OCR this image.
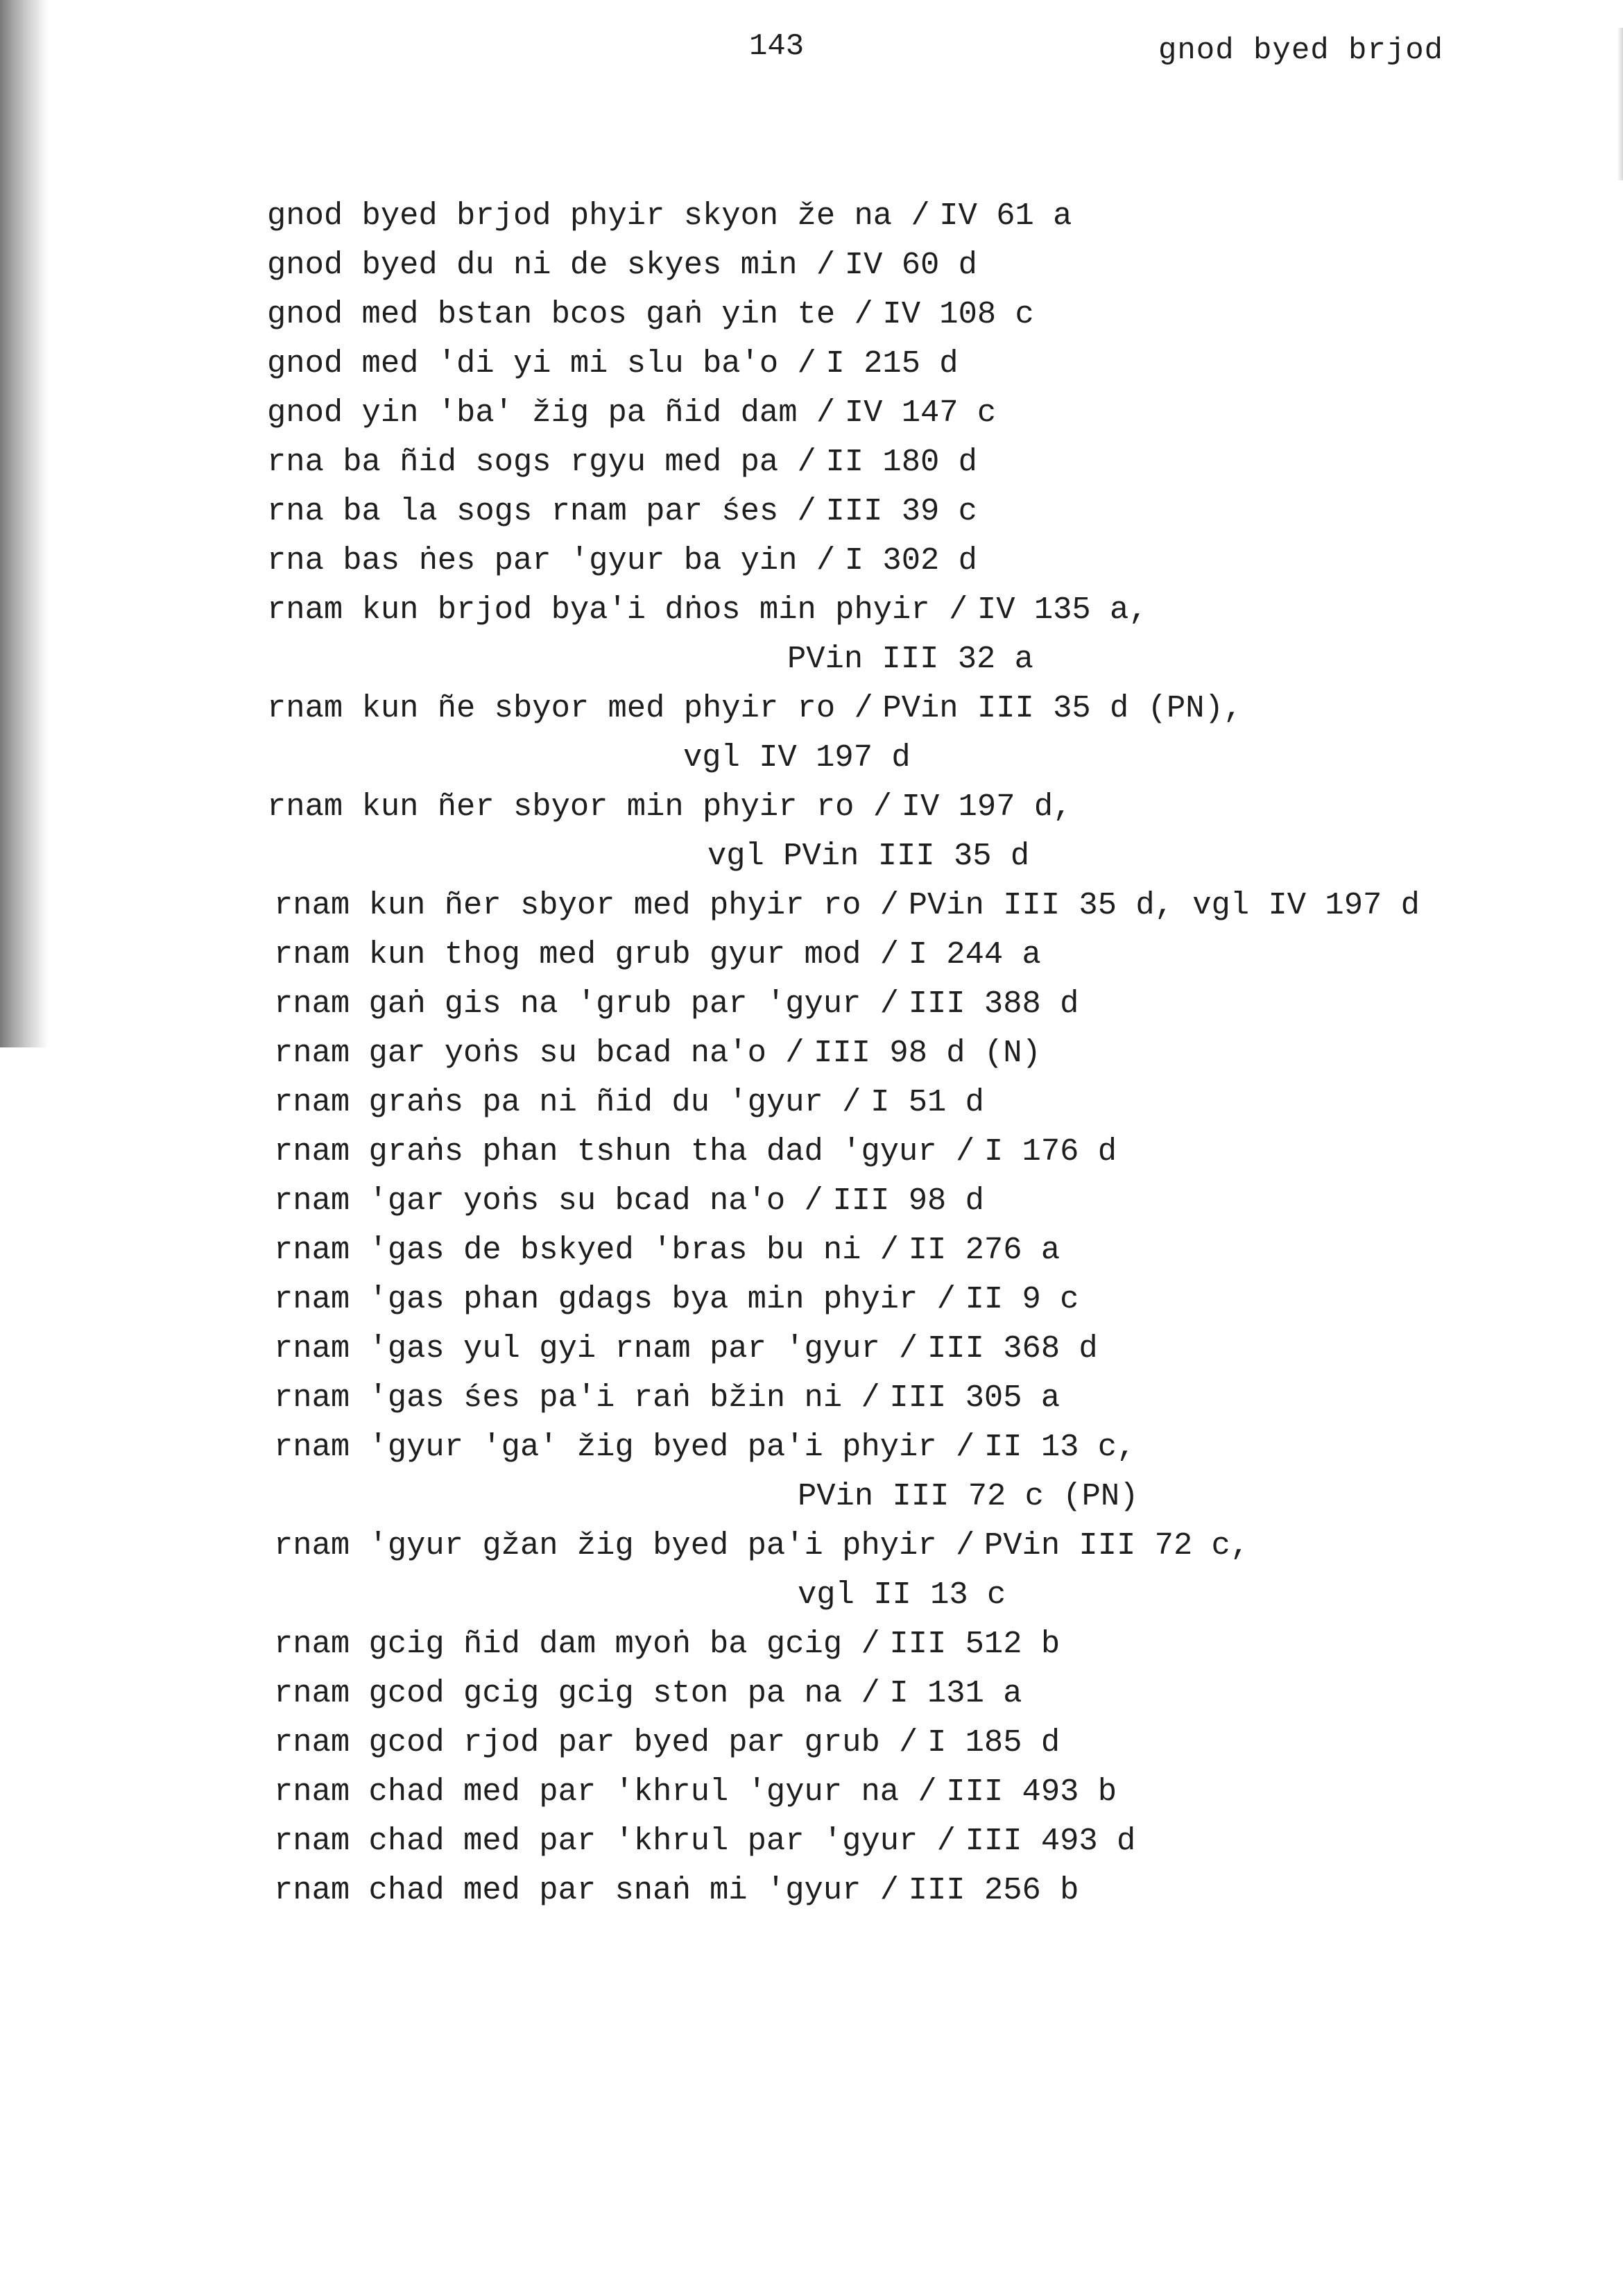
143	gnod byed brjod
gnod byed brjod phyir skyon že na / IV 61 a
gnod byed du ni de skyes min / IV 60 d
gnod med bstan bcos gaṅ yin te / IV 108 c
gnod med 'di yi mi slu ba'o / I 215 d
gnod yin 'ba' žig pa ñid dam / IV 147 c
rna ba ñid sogs rgyu med pa / II 180 d
rna ba la sogs rnam par śes / III 39 c
rna bas ṅes par 'gyur ba yin / I 302 d
rnam kun brjod bya'i dṅos min phyir / IV 135 a,
PVin III 32 a
rnam kun ñe sbyor med phyir ro / PVin III 35 d (PN),
vgl IV 197 d
rnam kun ñer sbyor min phyir ro / IV 197 d,
vgl PVin III 35 d
rnam kun ñer sbyor med phyir ro / PVin III 35 d, vgl IV 197 d
rnam kun thog med grub gyur mod / I 244 a
rnam gaṅ gis na 'grub par 'gyur / III 388 d
rnam gar yoṅs su bcad na'o / III 98 d (N)
rnam graṅs pa ni ñid du 'gyur / I 51 d
rnam graṅs phan tshun tha dad 'gyur / I 176 d
rnam 'gar yoṅs su bcad na'o / III 98 d
rnam 'gas de bskyed 'bras bu ni / II 276 a
rnam 'gas phan gdags bya min phyir / II 9 c
rnam 'gas yul gyi rnam par 'gyur / III 368 d
rnam 'gas śes pa'i raṅ bžin ni / III 305 a
rnam 'gyur 'ga' žig byed pa'i phyir / II 13 c,
PVin III 72 c (PN)
rnam 'gyur gžan žig byed pa'i phyir / PVin III 72 c,
vgl II 13 c
rnam gcig ñid dam myoṅ ba gcig / III 512 b
rnam gcod gcig gcig ston pa na / I 131 a
rnam gcod rjod par byed par grub / I 185 d
rnam chad med par 'khrul 'gyur na / III 493 b
rnam chad med par 'khrul par 'gyur / III 493 d
rnam chad med par snaṅ mi 'gyur / III 256 b
